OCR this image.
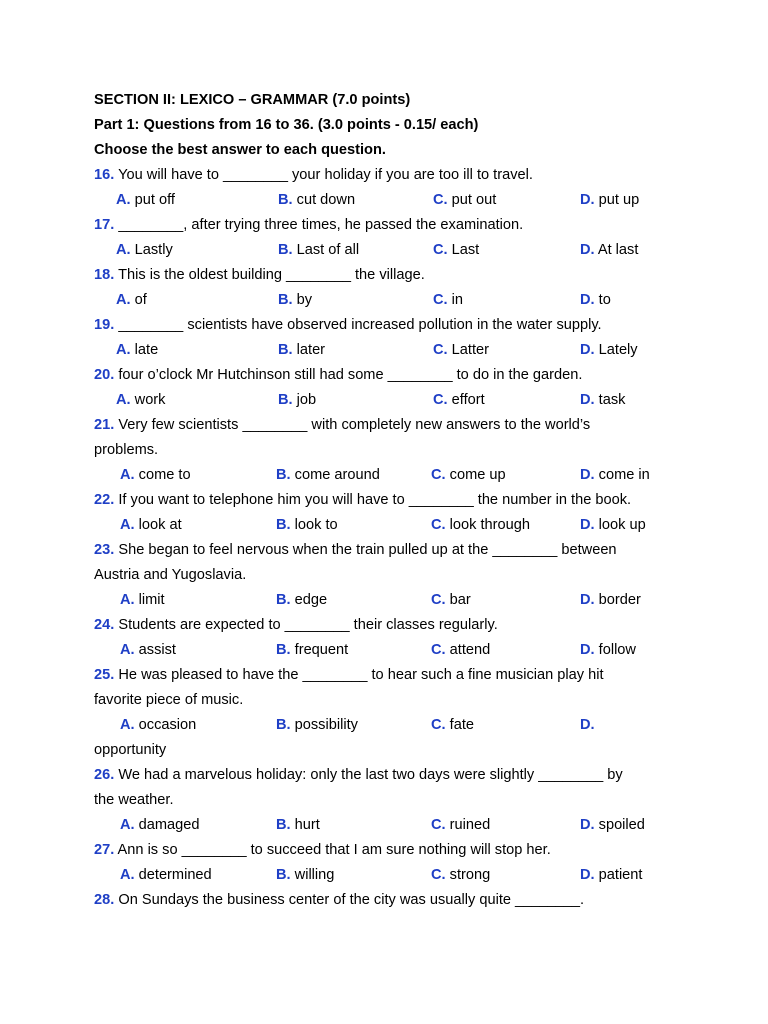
SECTION II: LEXICO – GRAMMAR (7.0 points)
Part 1: Questions from 16 to 36. (3.0 points - 0.15/ each)
Choose the best answer to each question.
16. You will have to ________ your holiday if you are too ill to travel.
A. put off	B. cut down	C. put out	D. put up
17. ________, after trying three times, he passed the examination.
A. Lastly	B. Last of all	C. Last	D. At last
18. This is the oldest building ________ the village.
A. of	B. by	C. in	D. to
19. ________ scientists have observed increased pollution in the water supply.
A. late	B. later	C. Latter	D. Lately
20. four o’clock Mr Hutchinson still had some ________ to do in the garden.
A. work	B. job	C. effort	D. task
21. Very few scientists ________ with completely new answers to the world’s
problems.
A. come to	B. come around	C. come up	D. come in
22. If you want to telephone him you will have to ________ the number in the book.
A. look at	B. look to	C. look through	D. look up
23. She began to feel nervous when the train pulled up at the ________ between
Austria and Yugoslavia.
A. limit	B. edge	C. bar	D. border
24. Students are expected to ________ their classes regularly.
A. assist	B. frequent	C. attend	D. follow
25. He was pleased to have the ________ to hear such a fine musician play hit
favorite piece of music.
A. occasion	B. possibility	C. fate	D.
opportunity
26. We had a marvelous holiday: only the last two days were slightly ________ by
the weather.
A. damaged	B. hurt	C. ruined	D. spoiled
27. Ann is so ________ to succeed that I am sure nothing will stop her.
A. determined	B. willing	C. strong	D. patient
28. On Sundays the business center of the city was usually quite ________.
